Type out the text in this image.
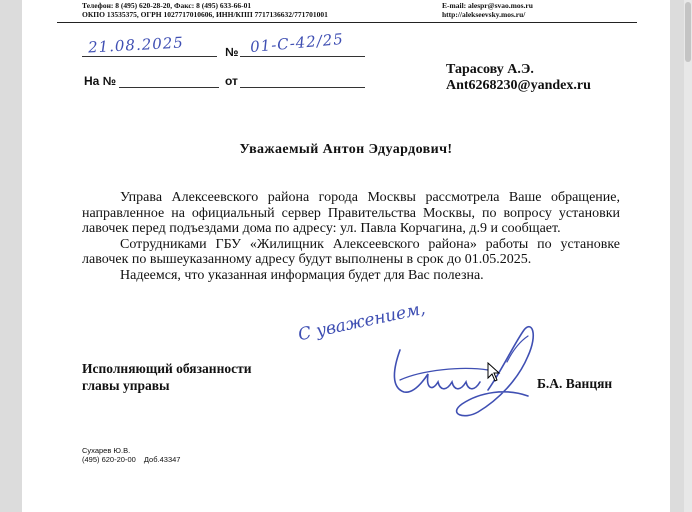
Телефон: 8 (495) 620-28-20, Факс: 8 (495) 633-66-01
ОКПО 13535375, ОГРН 1027717010606, ИНН/КПП 7717136632/771701001
E-mail: alespr@svao.mos.ru
http://alekseevsky.mos.ru/
21.08.2025	№ 01-С-42/25
На №	от
Тарасову А.Э.
Ant6268230@yandex.ru
Уважаемый Антон Эдуардович!

Управа Алексеевского района города Москвы рассмотрела Ваше обращение, направленное на официальный сервер Правительства Москвы, по вопросу установки лавочек перед подъездами дома по адресу: ул. Павла Корчагина, д.9 и сообщает.

Сотрудниками ГБУ «Жилищник Алексеевского района» работы по установке лавочек по вышеуказанному адресу будут выполнены в срок до 01.05.2025.

Надеемся, что указанная информация будет для Вас полезна.

С уважением,
Исполняющий обязанности
главы управы	Б.А. Ванцян
Сухарев Ю.В.
(495) 620-20-00 Доб.43347
